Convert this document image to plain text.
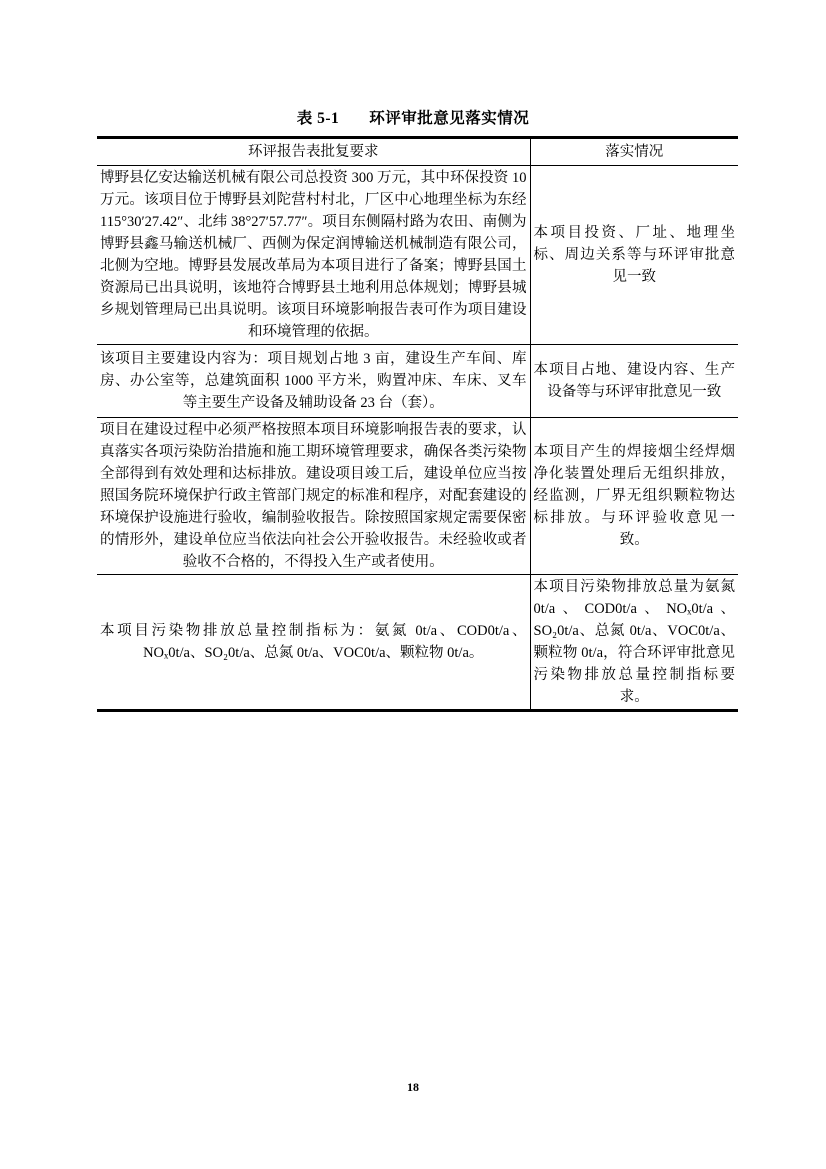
表 5-1 环评审批意见落实情况
环评报告表批复要求	落实情况
博野县亿安达输送机械有限公司总投资 300 万元，其中环保投资 10 万元。该项目位于博野县刘陀营村村北，厂区中心地理坐标为东经 115°30′27.42″、北纬 38°27′57.77″。项目东侧隔村路为农田、南侧为博野县鑫马输送机械厂、西侧为保定润博输送机械制造有限公司，北侧为空地。博野县发展改革局为本项目进行了备案；博野县国土资源局已出具说明，该地符合博野县土地利用总体规划；博野县城乡规划管理局已出具说明。该项目环境影响报告表可作为项目建设和环境管理的依据。	本项目投资、厂址、地理坐标、周边关系等与环评审批意见一致
该项目主要建设内容为：项目规划占地 3 亩，建设生产车间、库房、办公室等，总建筑面积 1000 平方米，购置冲床、车床、叉车等主要生产设备及辅助设备 23 台（套）。	本项目占地、建设内容、生产设备等与环评审批意见一致
项目在建设过程中必须严格按照本项目环境影响报告表的要求，认真落实各项污染防治措施和施工期环境管理要求，确保各类污染物全部得到有效处理和达标排放。建设项目竣工后，建设单位应当按照国务院环境保护行政主管部门规定的标准和程序，对配套建设的环境保护设施进行验收，编制验收报告。除按照国家规定需要保密的情形外，建设单位应当依法向社会公开验收报告。未经验收或者验收不合格的，不得投入生产或者使用。	本项目产生的焊接烟尘经焊烟净化装置处理后无组织排放，经监测，厂界无组织颗粒物达标排放。与环评验收意见一致。
本项目污染物排放总量控制指标为：氨氮 0t/a、COD0t/a、NOₓ0t/a、SO₂0t/a、总氮 0t/a、VOC0t/a、颗粒物 0t/a。	本项目污染物排放总量为氨氮 0t/a、COD0t/a、NOₓ0t/a、SO₂0t/a、总氮 0t/a、VOC0t/a、颗粒物 0t/a，符合环评审批意见污染物排放总量控制指标要求。
18
